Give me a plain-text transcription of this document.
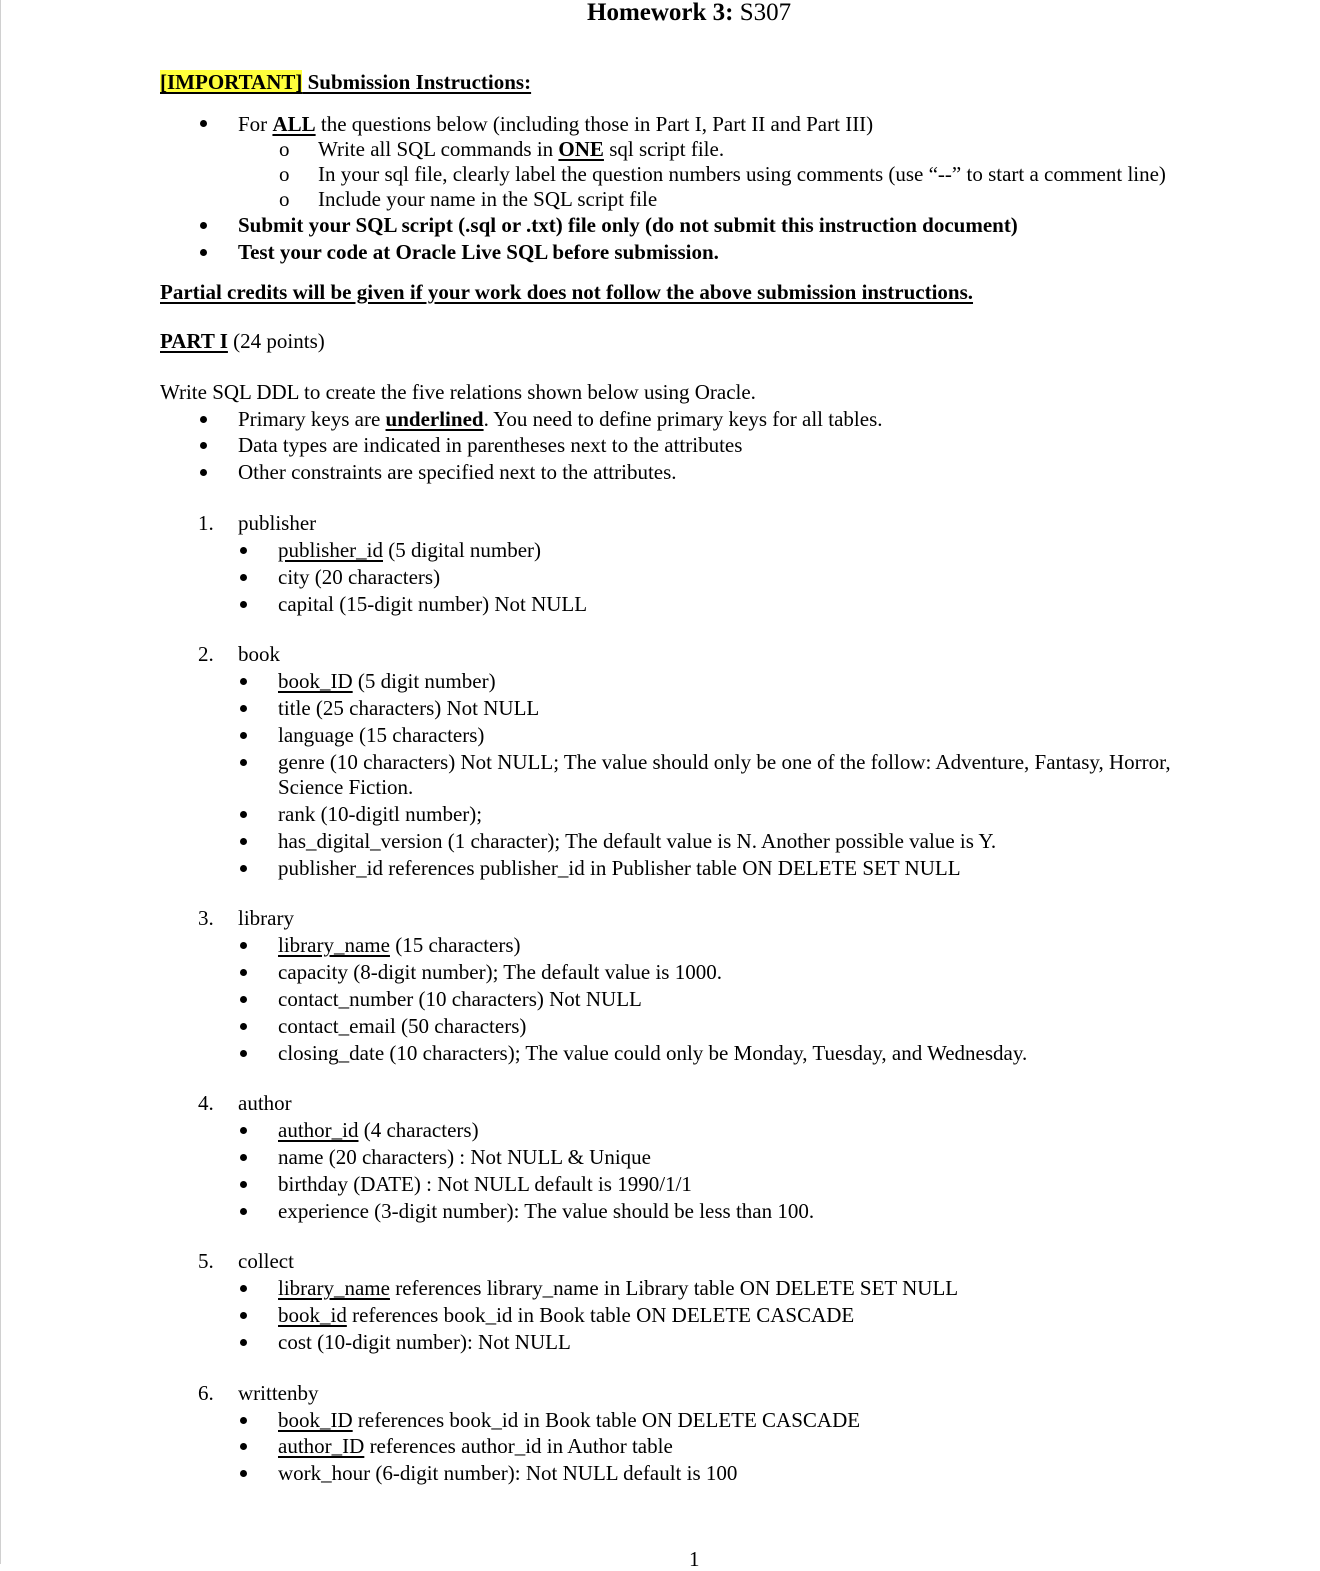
Homework 3: S307
[IMPORTANT] Submission Instructions:
For ALL the questions below (including those in Part I, Part II and Part III)
o Write all SQL commands in ONE sql script file.
o In your sql file, clearly label the question numbers using comments (use “--” to start a comment line)
o Include your name in the SQL script file
Submit your SQL script (.sql or .txt) file only (do not submit this instruction document)
Test your code at Oracle Live SQL before submission.
Partial credits will be given if your work does not follow the above submission instructions.
PART I (24 points)
Write SQL DDL to create the five relations shown below using Oracle.
Primary keys are underlined. You need to define primary keys for all tables.
Data types are indicated in parentheses next to the attributes
Other constraints are specified next to the attributes.
1. publisher
publisher_id (5 digital number)
city (20 characters)
capital (15-digit number) Not NULL
2. book
book_ID (5 digit number)
title (25 characters) Not NULL
language (15 characters)
genre (10 characters) Not NULL; The value should only be one of the follow: Adventure, Fantasy, Horror,
Science Fiction.
rank (10-digitl number);
has_digital_version (1 character); The default value is N. Another possible value is Y.
publisher_id references publisher_id in Publisher table ON DELETE SET NULL
3. library
library_name (15 characters)
capacity (8-digit number); The default value is 1000.
contact_number (10 characters) Not NULL
contact_email (50 characters)
closing_date (10 characters); The value could only be Monday, Tuesday, and Wednesday.
4. author
author_id (4 characters)
name (20 characters) : Not NULL & Unique
birthday (DATE) : Not NULL default is 1990/1/1
experience (3-digit number): The value should be less than 100.
5. collect
library_name references library_name in Library table ON DELETE SET NULL
book_id references book_id in Book table ON DELETE CASCADE
cost (10-digit number): Not NULL
6. writtenby
book_ID references book_id in Book table ON DELETE CASCADE
author_ID references author_id in Author table
work_hour (6-digit number): Not NULL default is 100
1
